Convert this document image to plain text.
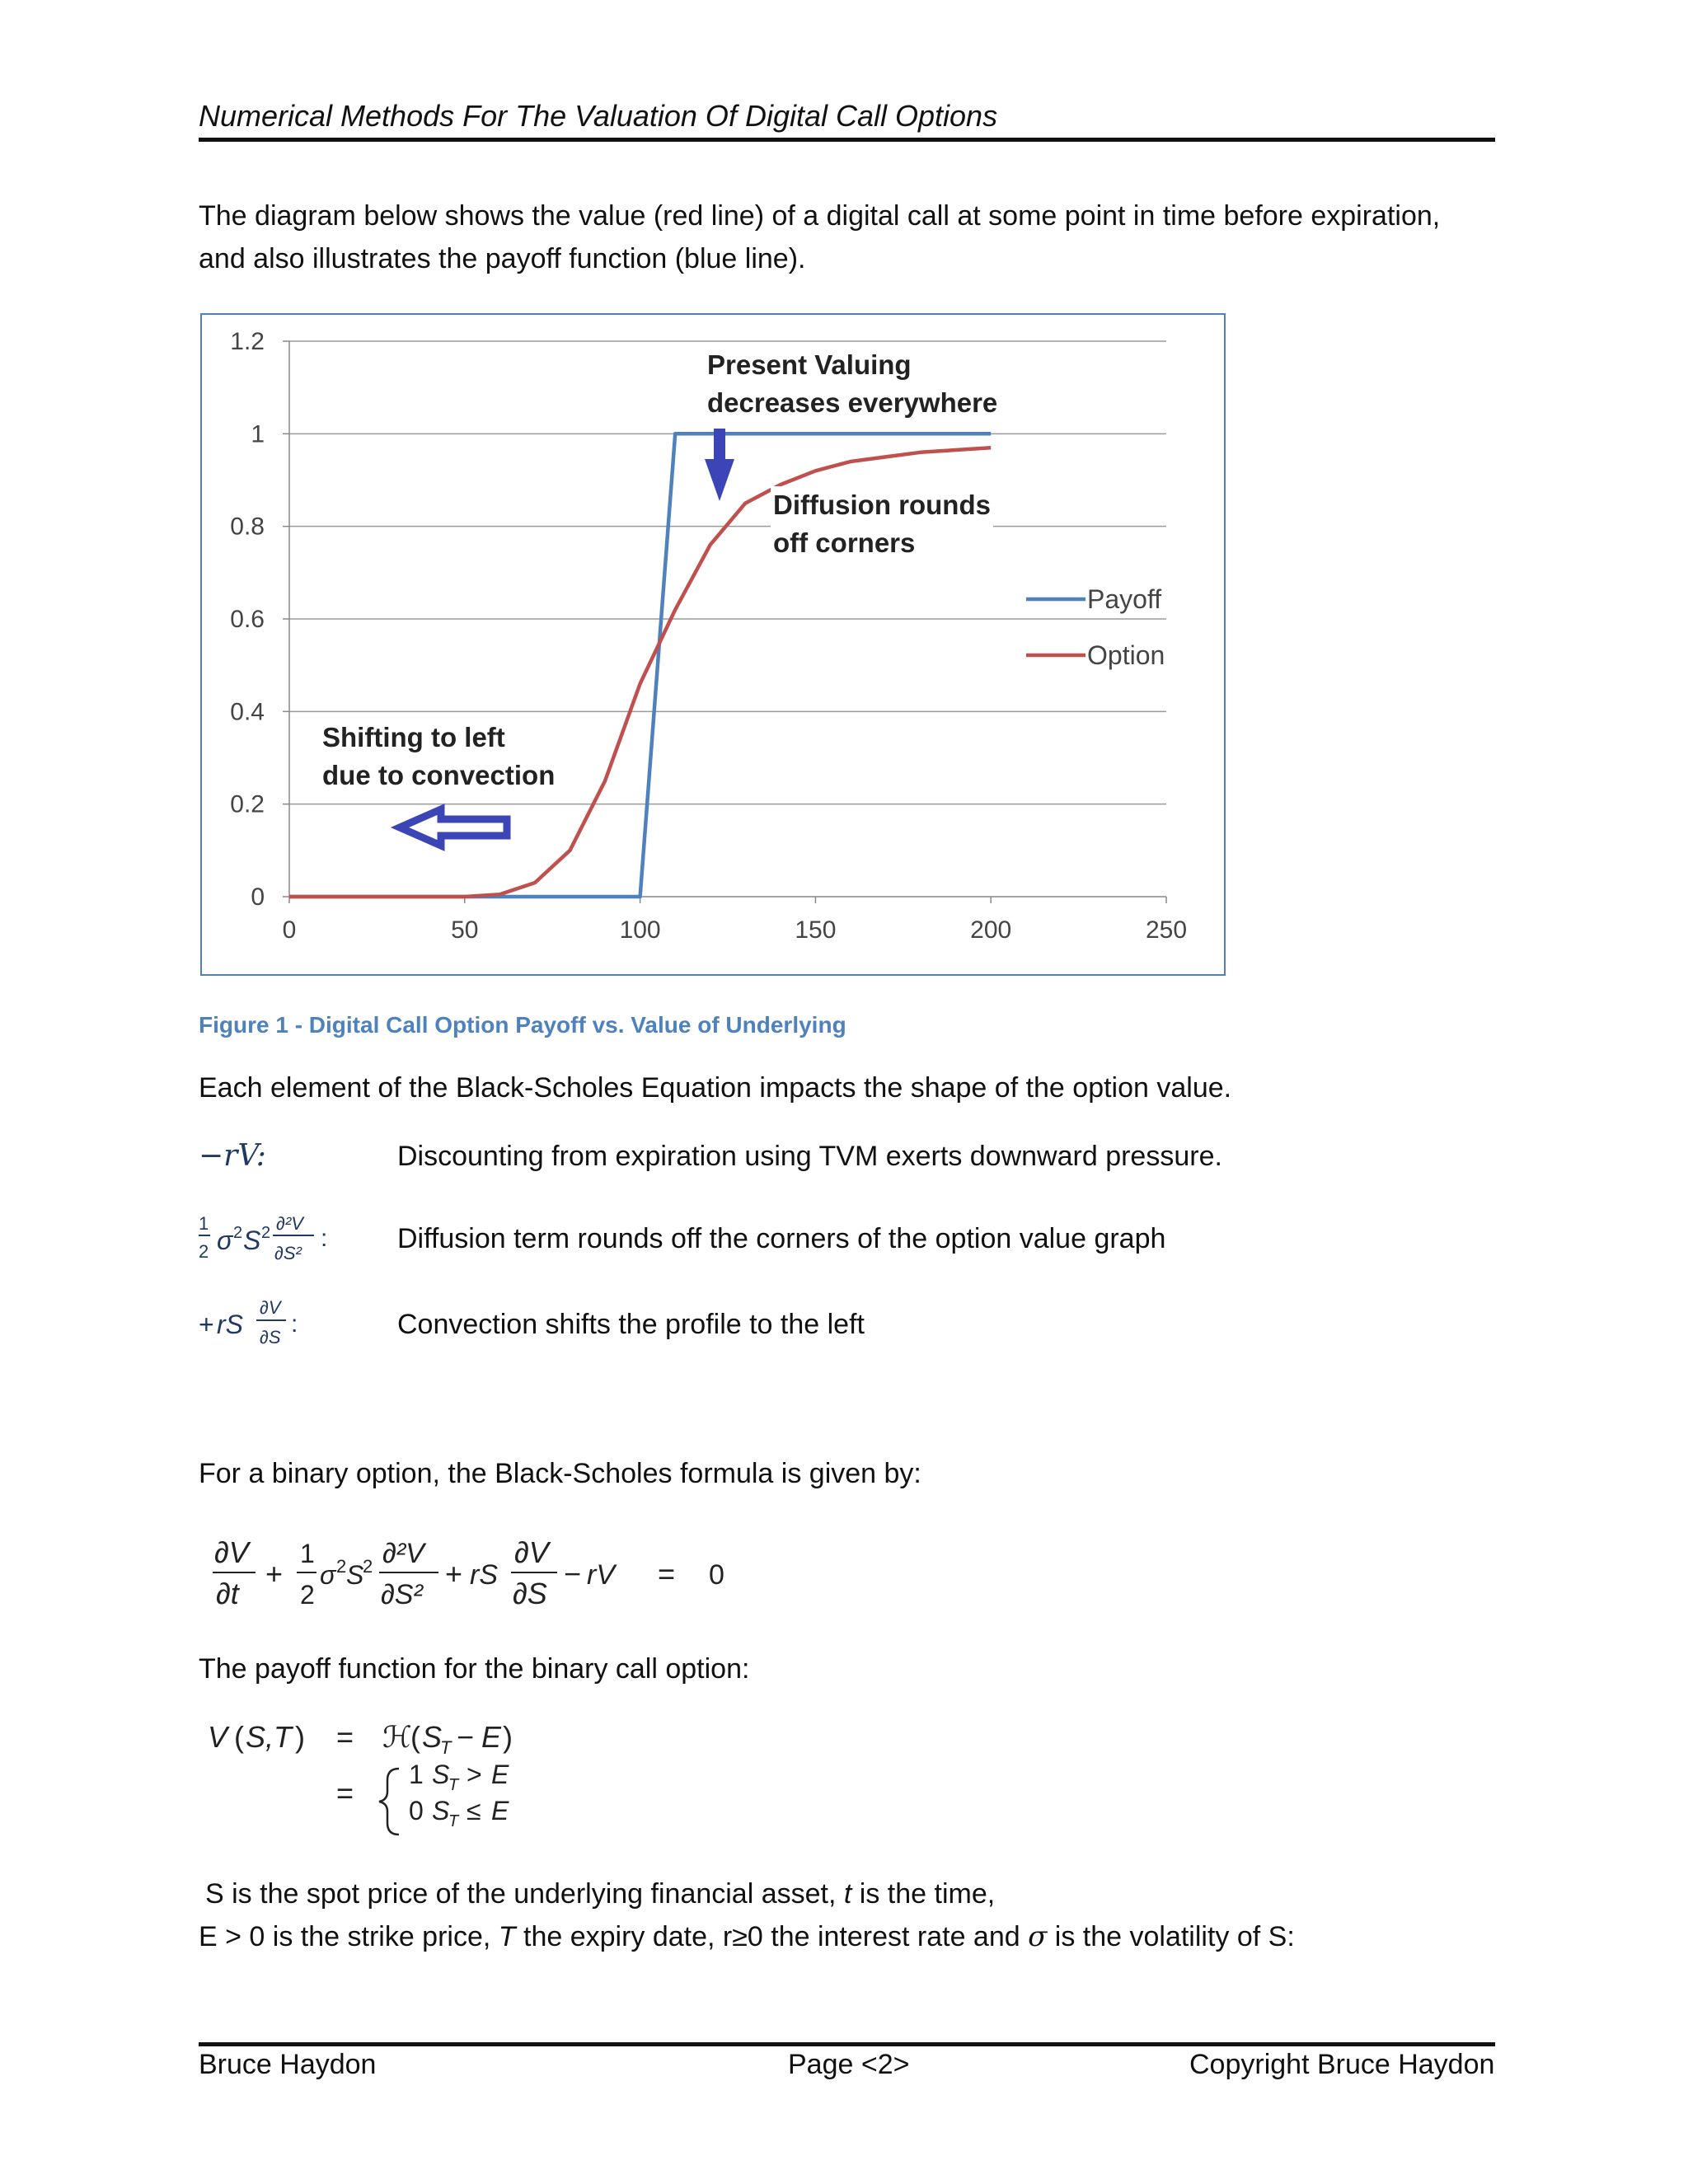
Numerical Methods For The Valuation Of Digital Call Options
The diagram below shows the value (red line) of a digital call at some point in time before expiration,
and also illustrates the payoff function (blue line).
0
0.2
0.4
0.6
0.8
1
1.2
0	50	100	150	200	250
Present Valuing
decreases everywhere
Diffusion rounds
off corners
Shifting to left
due to convection
Payoff
Option
Figure 1 - Digital Call Option Payoff vs. Value of Underlying
Each element of the Black-Scholes Equation impacts the shape of the option value.
−rV:	Discounting from expiration using TVM exerts downward pressure.
1
2 σ 2 S 2 ∂²V
∂S²
: Diffusion term rounds off the corners of the option value graph
+ rS
∂V
∂S :	Convection shifts the profile to the left
For a binary option, the Black-Scholes formula is given by:
∂V
∂t
+
1
2
σ 2 S
2 ∂²V
∂S²
+ rS
∂V
∂S
− rV = 0
The payoff function for the binary call option:
V ( S,T ) = ℋ
( S
T − E )
=
1 S
T > E
0 S
T ≤ E
S is the spot price of the underlying financial asset, t is the time,
E > 0 is the strike price, T the expiry date, r≥0 the interest rate and σ is the volatility of S:
Bruce Haydon	Page <2>	Copyright Bruce Haydon
